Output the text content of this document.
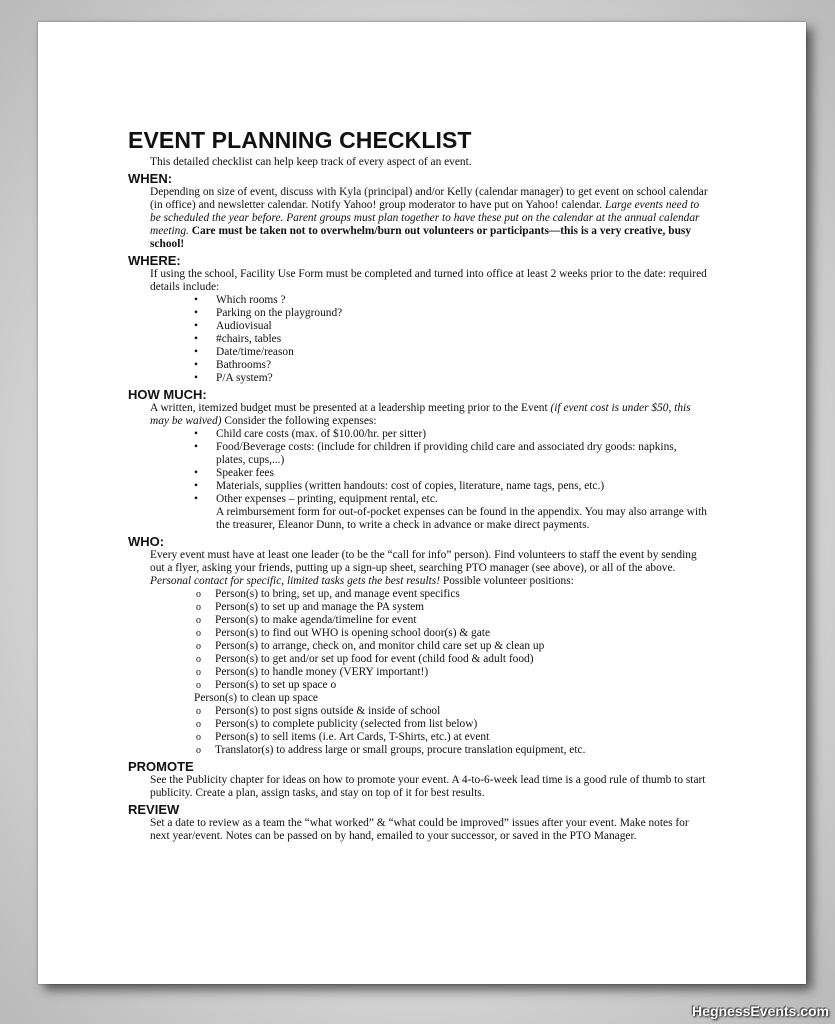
EVENT PLANNING CHECKLIST
This detailed checklist can help keep track of every aspect of an event.
WHEN:
Depending on size of event, discuss with Kyla (principal) and/or Kelly (calendar manager) to get event on school calendar (in office) and newsletter calendar. Notify Yahoo! group moderator to have put on Yahoo! calendar. Large events need to be scheduled the year before. Parent groups must plan together to have these put on the calendar at the annual calendar meeting. Care must be taken not to overwhelm/burn out volunteers or participants—this is a very creative, busy school!
WHERE:
If using the school, Facility Use Form must be completed and turned into office at least 2 weeks prior to the date: required details include:
• Which rooms ?
• Parking on the playground?
• Audiovisual
• #chairs, tables
• Date/time/reason
• Bathrooms?
• P/A system?
HOW MUCH:
A written, itemized budget must be presented at a leadership meeting prior to the Event (if event cost is under $50, this may be waived) Consider the following expenses:
• Child care costs (max. of $10.00/hr. per sitter)
• Food/Beverage costs: (include for children if providing child care and associated dry goods: napkins, plates, cups,...)
• Speaker fees
• Materials, supplies (written handouts: cost of copies, literature, name tags, pens, etc.)
• Other expenses – printing, equipment rental, etc.
A reimbursement form for out-of-pocket expenses can be found in the appendix. You may also arrange with the treasurer, Eleanor Dunn, to write a check in advance or make direct payments.
WHO:
Every event must have at least one leader (to be the “call for info” person). Find volunteers to staff the event by sending out a flyer, asking your friends, putting up a sign-up sheet, searching PTO manager (see above), or all of the above. Personal contact for specific, limited tasks gets the best results! Possible volunteer positions:
o Person(s) to bring, set up, and manage event specifics
o Person(s) to set up and manage the PA system
o Person(s) to make agenda/timeline for event
o Person(s) to find out WHO is opening school door(s) & gate
o Person(s) to arrange, check on, and monitor child care set up & clean up
o Person(s) to get and/or set up food for event (child food & adult food)
o Person(s) to handle money (VERY important!)
o Person(s) to set up space o
Person(s) to clean up space
o Person(s) to post signs outside & inside of school
o Person(s) to complete publicity (selected from list below)
o Person(s) to sell items (i.e. Art Cards, T-Shirts, etc.) at event
o Translator(s) to address large or small groups, procure translation equipment, etc.
PROMOTE
See the Publicity chapter for ideas on how to promote your event. A 4-to-6-week lead time is a good rule of thumb to start publicity. Create a plan, assign tasks, and stay on top of it for best results.
REVIEW
Set a date to review as a team the “what worked” & “what could be improved” issues after your event. Make notes for next year/event. Notes can be passed on by hand, emailed to your successor, or saved in the PTO Manager.
HegnessEvents.com
